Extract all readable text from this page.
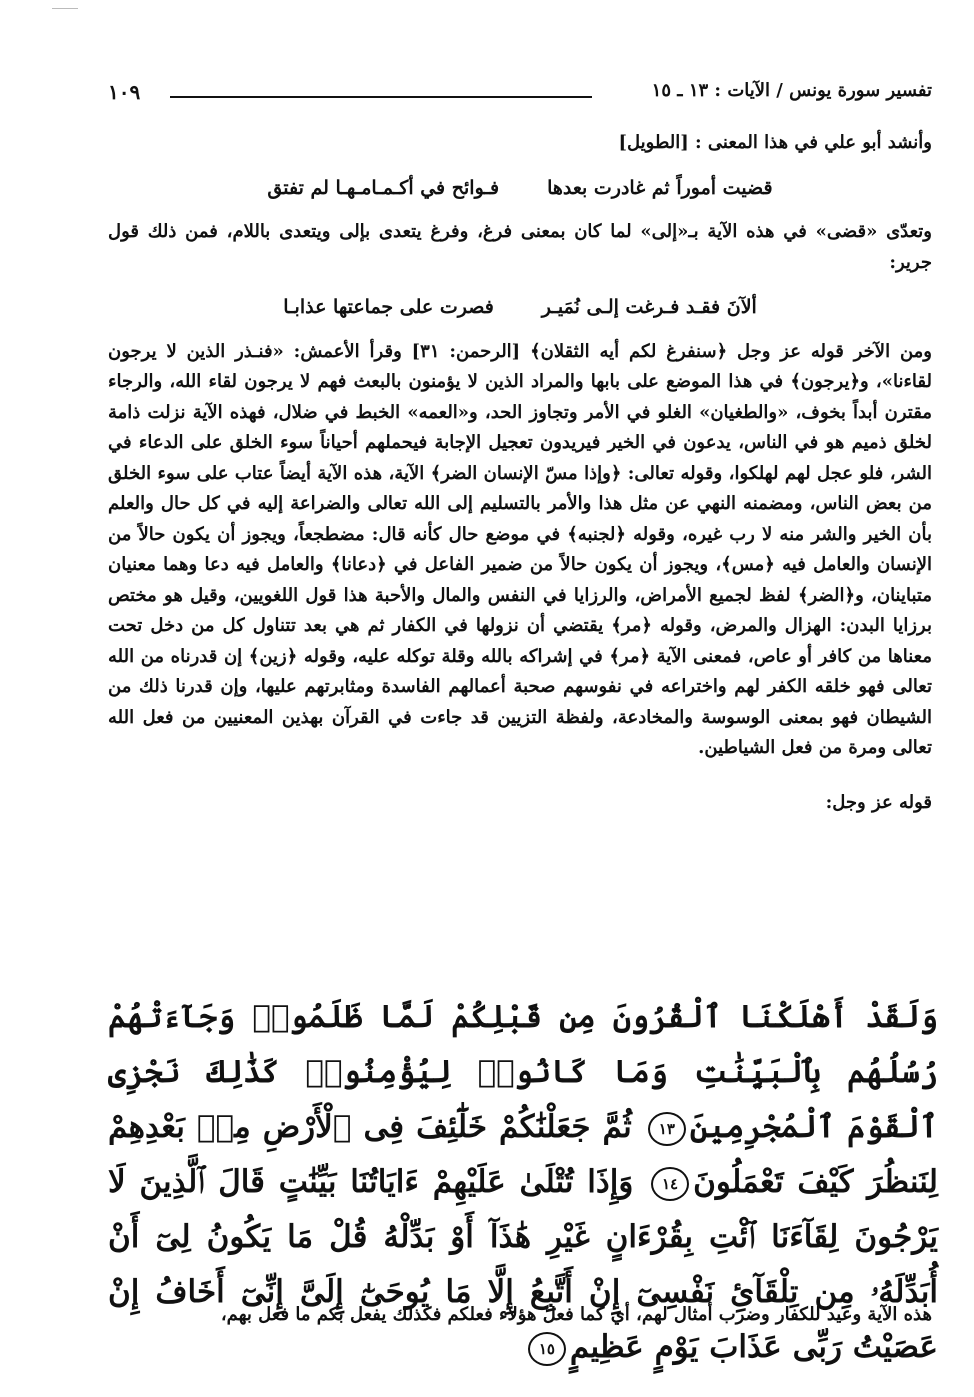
تفسير سورة يونس / الآيات : ١٣ ـ ١٥
١٠٩

وأنشد أبو علي في هذا المعنى : [الطويل]

قضيت أموراً ثم غادرت بعدها
فـوائح في أكـمـامـهـا لم تفتق

وتعدّى «قضى» في هذه الآية بـ«إلى» لما كان بمعنى فرغ، وفرغ يتعدى بإلى ويتعدى باللام، فمن ذلك قول جرير:

ألآنَ فقـد فـرغت إلـى نُمَيـر
فصرت على جماعتها عذابـا

ومن الآخر قوله عز وجل ﴿سنفرغ لكم أيه الثقلان﴾ [الرحمن: ٣١] وقرأ الأعمش: «فنـذر الذين لا يرجون لقاءنا»، و﴿يرجون﴾ في هذا الموضع على بابها والمراد الذين لا يؤمنون بالبعث فهم لا يرجون لقاء الله، والرجاء مقترن أبداً بخوف، «والطغيان» الغلو في الأمر وتجاوز الحد، و«العمه» الخبط في ضلال، فهذه الآية نزلت ذامة لخلق ذميم هو في الناس، يدعون في الخير فيريدون تعجيل الإجابة فيحملهم أحياناً سوء الخلق على الدعاء في الشر، فلو عجل لهم لهلكوا، وقوله تعالى: ﴿وإذا مسّ الإنسان الضر﴾ الآية، هذه الآية أيضاً عتاب على سوء الخلق من بعض الناس، ومضمنه النهي عن مثل هذا والأمر بالتسليم إلى الله تعالى والضراعة إليه في كل حال والعلم بأن الخير والشر منه لا رب غيره، وقوله ﴿لجنبه﴾ في موضع حال كأنه قال: مضطجعاً، ويجوز أن يكون حالاً من الإنسان والعامل فيه ﴿مس﴾، ويجوز أن يكون حالاً من ضمير الفاعل في ﴿دعانا﴾ والعامل فيه دعا وهما معنيان متباينان، و﴿الضر﴾ لفظ لجميع الأمراض، والرزايا في النفس والمال والأحبة هذا قول اللغويين، وقيل هو مختص برزايا البدن: الهزال والمرض، وقوله ﴿مر﴾ يقتضي أن نزولها في الكفار ثم هي بعد تتناول كل من دخل تحت معناها من كافر أو عاص، فمعنى الآية ﴿مر﴾ في إشراكه بالله وقلة توكله عليه، وقوله ﴿زين﴾ إن قدرناه من الله تعالى فهو خلقه الكفر لهم واختراعه في نفوسهم صحبة أعمالهم الفاسدة ومثابرتهم عليها، وإن قدرنا ذلك من الشيطان فهو بمعنى الوسوسة والمخادعة، ولفظة التزيين قد جاءت في القرآن بهذين المعنيين من فعل الله تعالى ومرة من فعل الشياطين.

قوله عز وجل:

وَلَقَدْ أَهْلَكْنَا ٱلْقُرُونَ مِن قَبْلِكُمْ لَمَّا ظَلَمُوا۟ وَجَآءَتْهُمْ رُسُلُهُم بِٱلْبَيِّنَٰتِ وَمَا كَانُوا۟ لِيُؤْمِنُوا۟ كَذَٰلِكَ نَجْزِى ٱلْقَوْمَ ٱلْمُجْرِمِينَ١٣ ثُمَّ جَعَلْنَٰكُمْ خَلَٰٓئِفَ فِى ٱلْأَرْضِ مِنۢ بَعْدِهِمْ لِنَنظُرَ كَيْفَ تَعْمَلُونَ١٤ وَإِذَا تُتْلَىٰ عَلَيْهِمْ ءَايَاتُنَا بَيِّنَٰتٍ قَالَ ٱلَّذِينَ لَا يَرْجُونَ لِقَآءَنَا ٱئْتِ بِقُرْءَانٍ غَيْرِ هَٰذَآ أَوْ بَدِّلْهُ قُلْ مَا يَكُونُ لِىٓ أَنْ أُبَدِّلَهُۥ مِن تِلْقَآئِ نَفْسِىٓ إِنْ أَتَّبِعُ إِلَّا مَا يُوحَىٰٓ إِلَىَّ إِنِّىٓ أَخَافُ إِنْ عَصَيْتُ رَبِّى عَذَابَ يَوْمٍ عَظِيمٍ١٥
هذه الآية وعيد للكفار وضرب أمثال لهم، أي كما فعل هؤلاء فعلكم فكذلك يفعل بكم ما فعل بهم،
